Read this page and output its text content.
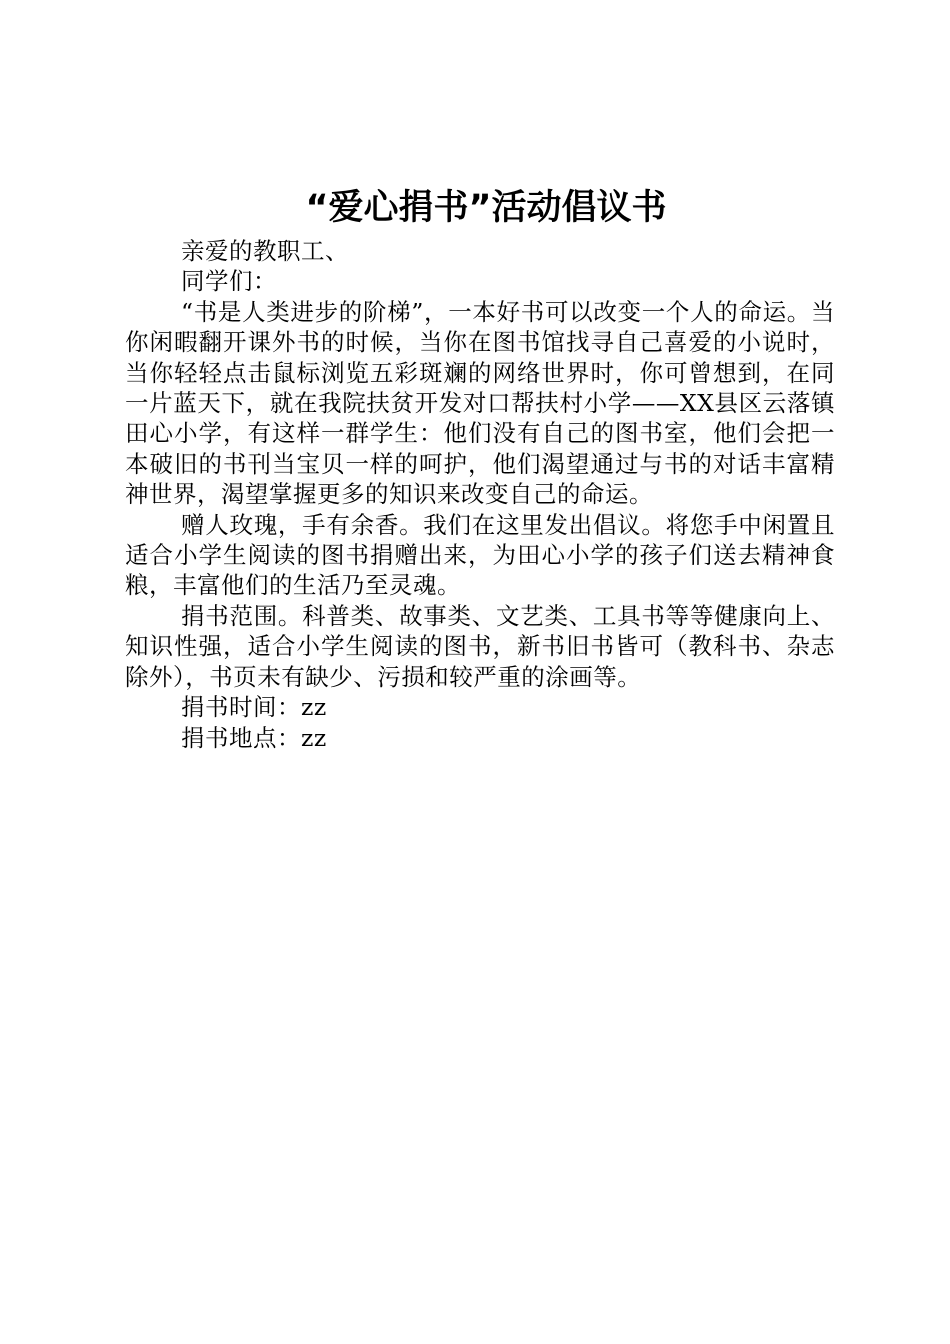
“爱心捐书”活动倡议书

亲爱的教职工、

同学们：

“书是人类进步的阶梯”，一本好书可以改变一个人的命运。当你闲暇翻开课外书的时候，当你在图书馆找寻自己喜爱的小说时，当你轻轻点击鼠标浏览五彩斑斓的网络世界时，你可曾想到，在同一片蓝天下，就在我院扶贫开发对口帮扶村小学——XX县区云落镇田心小学，有这样一群学生：他们没有自己的图书室，他们会把一本破旧的书刊当宝贝一样的呵护，他们渴望通过与书的对话丰富精神世界，渴望掌握更多的知识来改变自己的命运。

赠人玫瑰，手有余香。我们在这里发出倡议。将您手中闲置且适合小学生阅读的图书捐赠出来，为田心小学的孩子们送去精神食粮，丰富他们的生活乃至灵魂。

捐书范围。科普类、故事类、文艺类、工具书等等健康向上、知识性强，适合小学生阅读的图书，新书旧书皆可（教科书、杂志除外），书页未有缺少、污损和较严重的涂画等。

捐书时间：zz

捐书地点：zz
